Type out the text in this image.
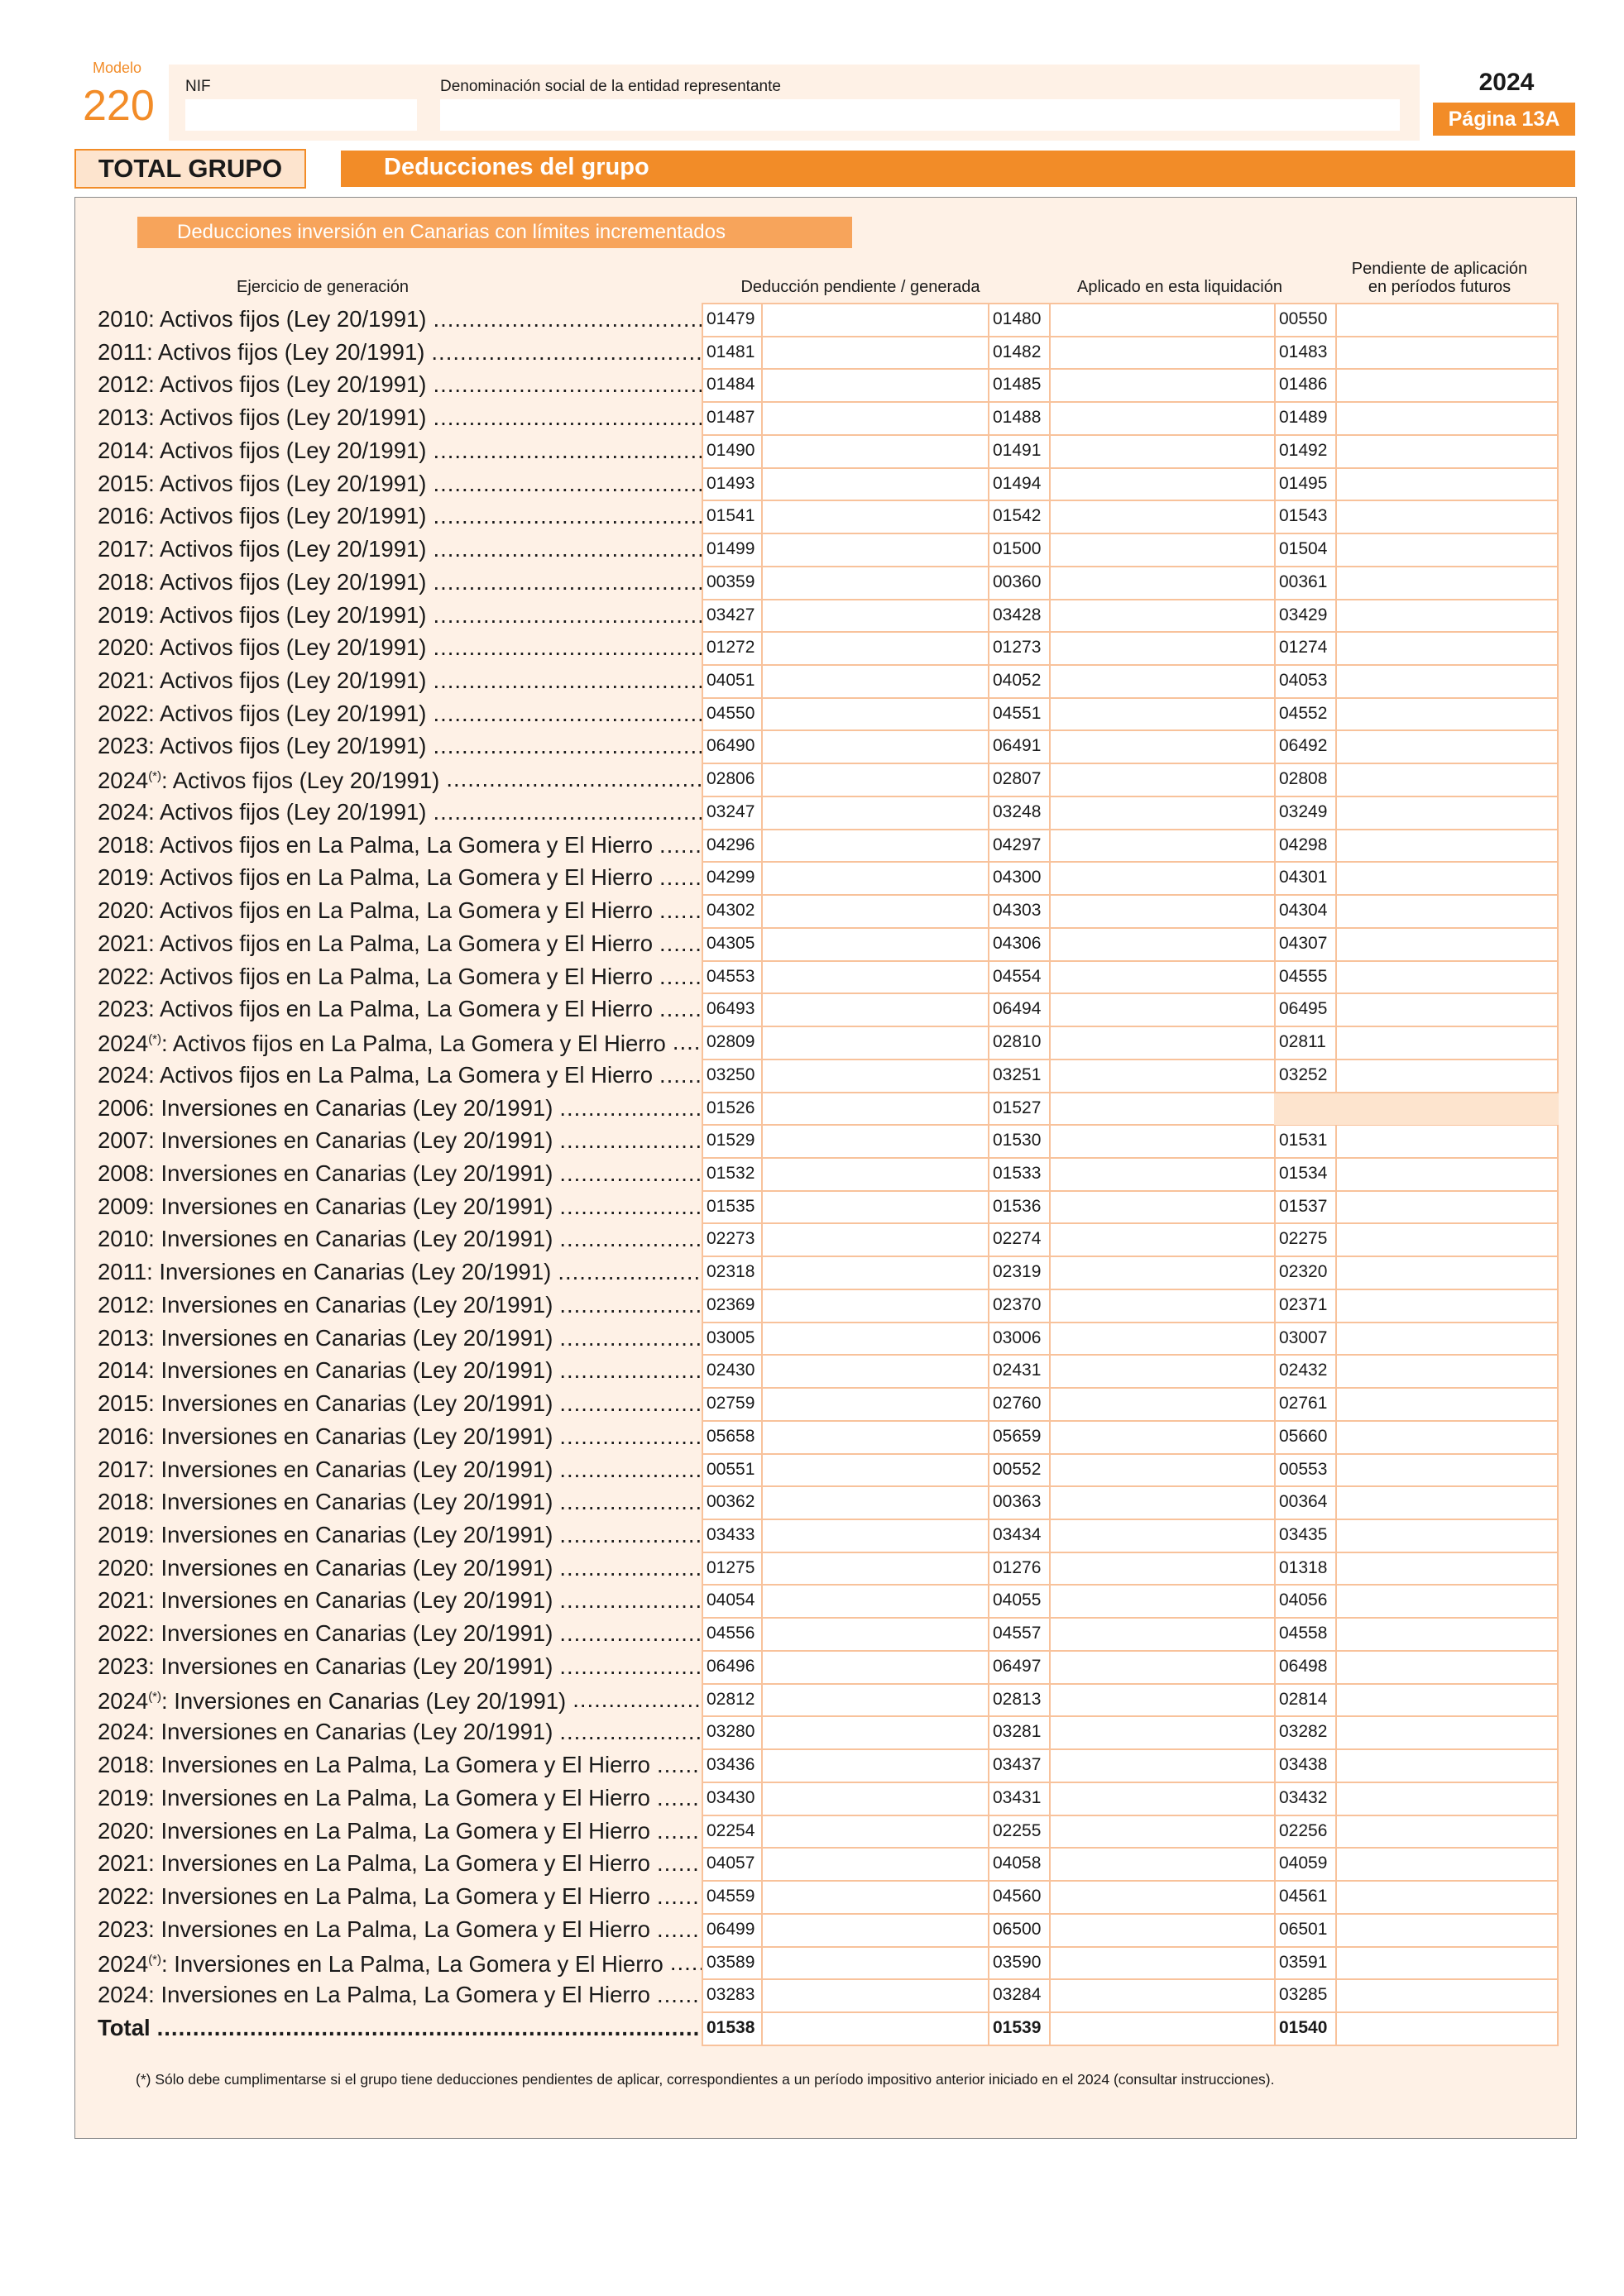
Modelo
220 NIF	Denominación social de la entidad representante	2024
Página 13A
TOTAL GRUPO	Deducciones del grupo
Deducciones inversión en Canarias con límites incrementados
Ejercicio de generación	Deducción pendiente / generada	Aplicado en esta liquidación
Pendiente de aplicación
en períodos futuros
2010: Activos fijos (Ley 20/1991) .....	01479	01480	00550
2011: Activos fijos (Ley 20/1991) .....	01481	01482	01483
2012: Activos fijos (Ley 20/1991) .....	01484	01485	01486
2013: Activos fijos (Ley 20/1991) .....	01487	01488	01489
2014: Activos fijos (Ley 20/1991) .....	01490	01491	01492
2015: Activos fijos (Ley 20/1991) .....	01493	01494	01495
2016: Activos fijos (Ley 20/1991) .....	01541	01542	01543
2017: Activos fijos (Ley 20/1991) .....	01499	01500	01504
2018: Activos fijos (Ley 20/1991) .....	00359	00360	00361
2019: Activos fijos (Ley 20/1991) .....	03427	03428	03429
2020: Activos fijos (Ley 20/1991) .....	01272	01273	01274
2021: Activos fijos (Ley 20/1991) .....	04051	04052	04053
2022: Activos fijos (Ley 20/1991) .....	04550	04551	04552
2023: Activos fijos (Ley 20/1991) .....	06490	06491	06492
2024(*): Activos fijos (Ley 20/1991) .....	02806	02807	02808
2024: Activos fijos (Ley 20/1991) .....	03247	03248	03249
2018: Activos fijos en La Palma, La Gomera y El Hierro .....	04296	04297	04298
2019: Activos fijos en La Palma, La Gomera y El Hierro .....	04299	04300	04301
2020: Activos fijos en La Palma, La Gomera y El Hierro .....	04302	04303	04304
2021: Activos fijos en La Palma, La Gomera y El Hierro .....	04305	04306	04307
2022: Activos fijos en La Palma, La Gomera y El Hierro .....	04553	04554	04555
2023: Activos fijos en La Palma, La Gomera y El Hierro .....	06493	06494	06495
2024(*): Activos fijos en La Palma, La Gomera y El Hierro ..... 02809	02810	02811
2024: Activos fijos en La Palma, La Gomera y El Hierro .....	03250	03251	03252
2006: Inversiones en Canarias (Ley 20/1991) .....	01526	01527
2007: Inversiones en Canarias (Ley 20/1991) .....	01529	01530	01531
2008: Inversiones en Canarias (Ley 20/1991) .....	01532	01533	01534
2009: Inversiones en Canarias (Ley 20/1991) .....	01535	01536	01537
2010: Inversiones en Canarias (Ley 20/1991) .....	02273	02274	02275
2011: Inversiones en Canarias (Ley 20/1991) .....	02318	02319	02320
2012: Inversiones en Canarias (Ley 20/1991) .....	02369	02370	02371
2013: Inversiones en Canarias (Ley 20/1991) .....	03005	03006	03007
2014: Inversiones en Canarias (Ley 20/1991) .....	02430	02431	02432
2015: Inversiones en Canarias (Ley 20/1991) .....	02759	02760	02761
2016: Inversiones en Canarias (Ley 20/1991) .....	05658	05659	05660
2017: Inversiones en Canarias (Ley 20/1991) .....	00551	00552	00553
2018: Inversiones en Canarias (Ley 20/1991) .....	00362	00363	00364
2019: Inversiones en Canarias (Ley 20/1991) .....	03433	03434	03435
2020: Inversiones en Canarias (Ley 20/1991) .....	01275	01276	01318
2021: Inversiones en Canarias (Ley 20/1991) .....	04054	04055	04056
2022: Inversiones en Canarias (Ley 20/1991) .....	04556	04557	04558
2023: Inversiones en Canarias (Ley 20/1991) .....	06496	06497	06498
2024(*): Inversiones en Canarias (Ley 20/1991) .....	02812	02813	02814
2024: Inversiones en Canarias (Ley 20/1991) .....	03280	03281	03282
2018: Inversiones en La Palma, La Gomera y El Hierro .....	03436	03437	03438
2019: Inversiones en La Palma, La Gomera y El Hierro .....	03430	03431	03432
2020: Inversiones en La Palma, La Gomera y El Hierro .....	02254	02255	02256
2021: Inversiones en La Palma, La Gomera y El Hierro .....	04057	04058	04059
2022: Inversiones en La Palma, La Gomera y El Hierro .....	04559	04560	04561
2023: Inversiones en La Palma, La Gomera y El Hierro .....	06499	06500	06501
2024(*): Inversiones en La Palma, La Gomera y El Hierro ..... 03589	03590	03591
2024: Inversiones en La Palma, La Gomera y El Hierro .....	03283	03284	03285
Total .....	01538	01539	01540
(*) Sólo debe cumplimentarse si el grupo tiene deducciones pendientes de aplicar, correspondientes a un período impositivo anterior iniciado en el 2024 (consultar instrucciones).
